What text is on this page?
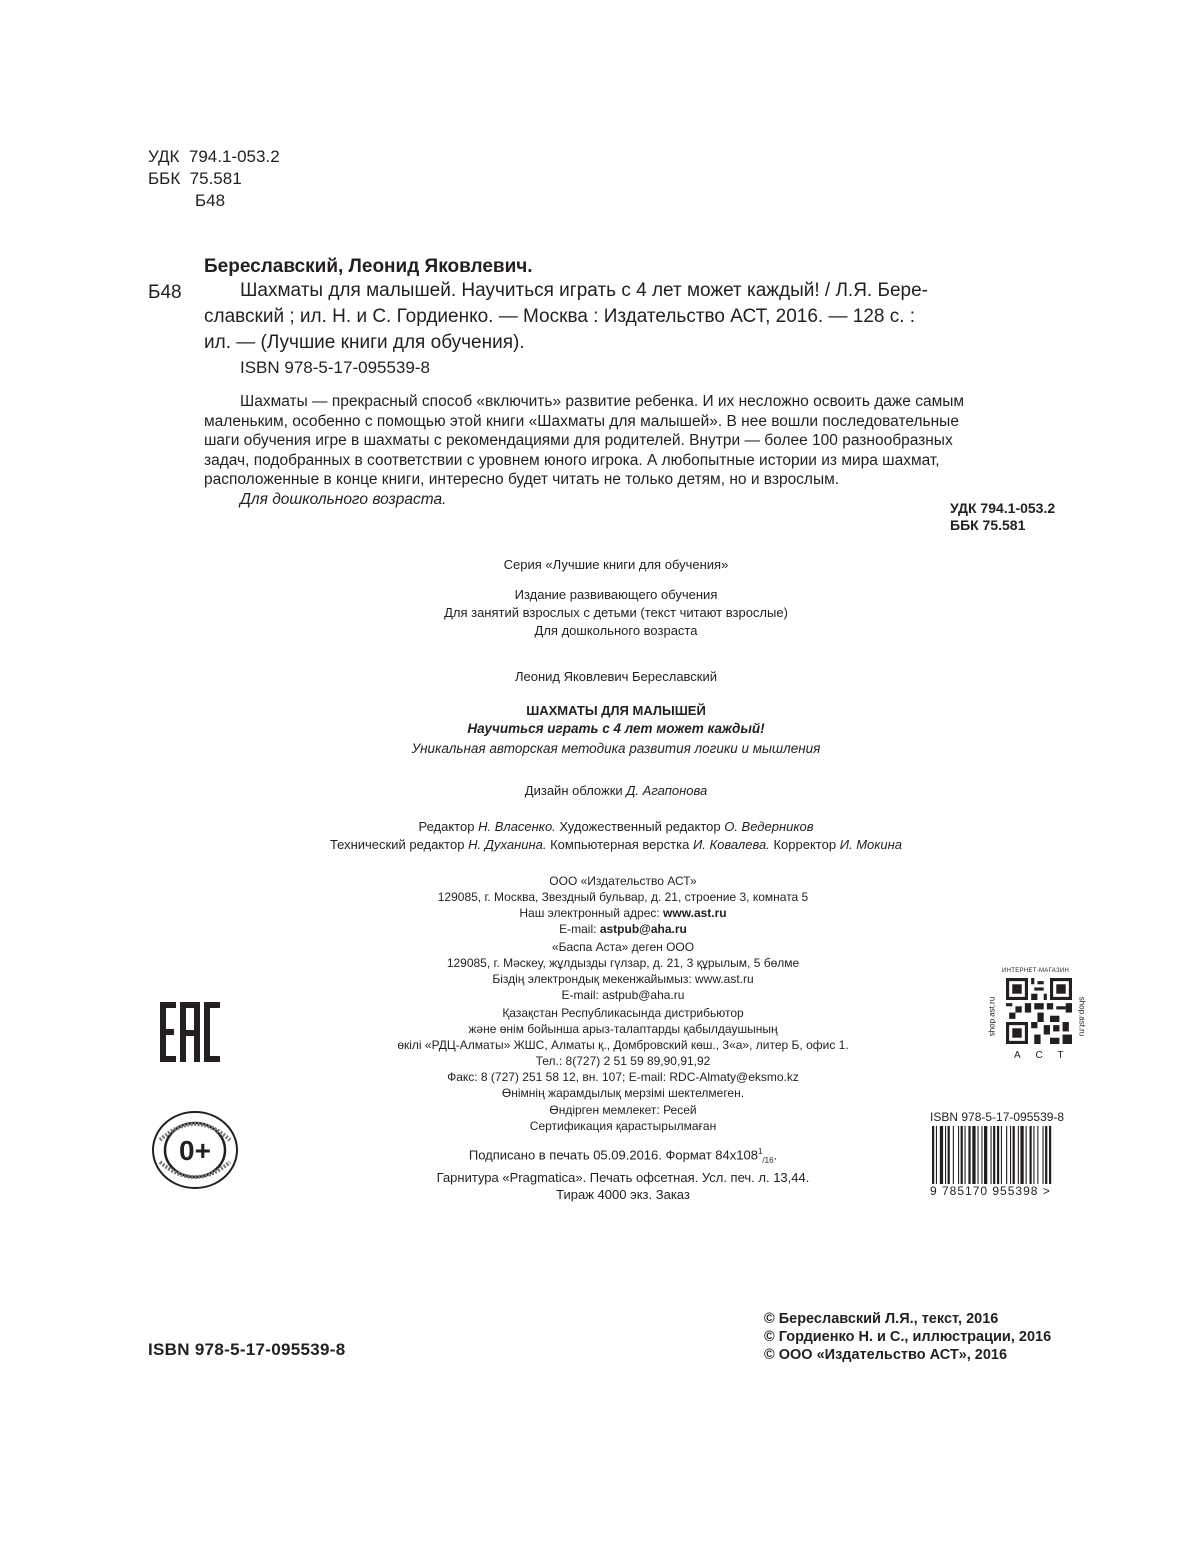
УДК  794.1-053.2
ББК  75.581
Б48
Береславский, Леонид Яковлевич.
Б48	Шахматы для малышей. Научиться играть с 4 лет может каждый! / Л.Я. Бере-
славский ; ил. Н. и С. Гордиенко. — Москва : Издательство АСТ, 2016. — 128 с. :
ил. — (Лучшие книги для обучения).
ISBN 978-5-17-095539-8
Шахматы — прекрасный способ «включить» развитие ребенка. И их несложно освоить даже самым
маленьким, особенно с помощью этой книги «Шахматы для малышей». В нее вошли последовательные
шаги обучения игре в шахматы с рекомендациями для родителей. Внутри — более 100 разнообразных
задач, подобранных в соответствии с уровнем юного игрока. А любопытные истории из мира шахмат,
расположенные в конце книги, интересно будет читать не только детям, но и взрослым.
Для дошкольного возраста.
УДК 794.1-053.2
ББК 75.581
Серия «Лучшие книги для обучения»
Издание развивающего обучения
Для занятий взрослых с детьми (текст читают взрослые)
Для дошкольного возраста
Леонид Яковлевич Береславский
ШАХМАТЫ ДЛЯ МАЛЫШЕЙ
Научиться играть с 4 лет может каждый!
Уникальная авторская методика развития логики и мышления
Дизайн обложки Д. Агапонова
Редактор Н. Власенко. Художественный редактор О. Ведерников
Технический редактор Н. Духанина. Компьютерная верстка И. Ковалева. Корректор И. Мокина
ООО «Издательство АСТ»
129085, г. Москва, Звездный бульвар, д. 21, строение 3, комната 5
Наш электронный адрес: www.ast.ru
E-mail: astpub@aha.ru
«Баспа Аста» деген ООО
129085, г. Мәскеу, жұлдызды гүлзар, д. 21, 3 құрылым, 5 бөлме
Біздің электрондық мекенжайымыз: www.ast.ru
E-mail: astpub@aha.ru
Қазақстан Республикасында дистрибьютор
және өнім бойынша арыз-талаптарды қабылдаушының
өкілі «РДЦ-Алматы» ЖШС, Алматы қ., Домбровский көш., 3«а», литер Б, офис 1.
Тел.: 8(727) 2 51 59 89,90,91,92
Факс: 8 (727) 251 58 12, вн. 107; E-mail: RDC-Almaty@eksmo.kz
Өнімнің жарамдылық мерзімі шектелмеген.
Өндірген мемлекет: Ресей
Сертификация қарастырылмаған
Подписано в печать 05.09.2016. Формат $84х108^1_{/16}$.
Гарнитура «Pragmatica». Печать офсетная. Усл. печ. л. 13,44.
Тираж 4000 экз. Заказ
0+
ИНТЕРНЕТ-МАГАЗИН
shop.ast.ru	shop.ast.ru
А С Т
ISBN 978-5-17-095539-8
9 785170 955398 >
ISBN 978-5-17-095539-8
© Береславский Л.Я., текст, 2016
© Гордиенко Н. и С., иллюстрации, 2016
© ООО «Издательство АСТ», 2016
